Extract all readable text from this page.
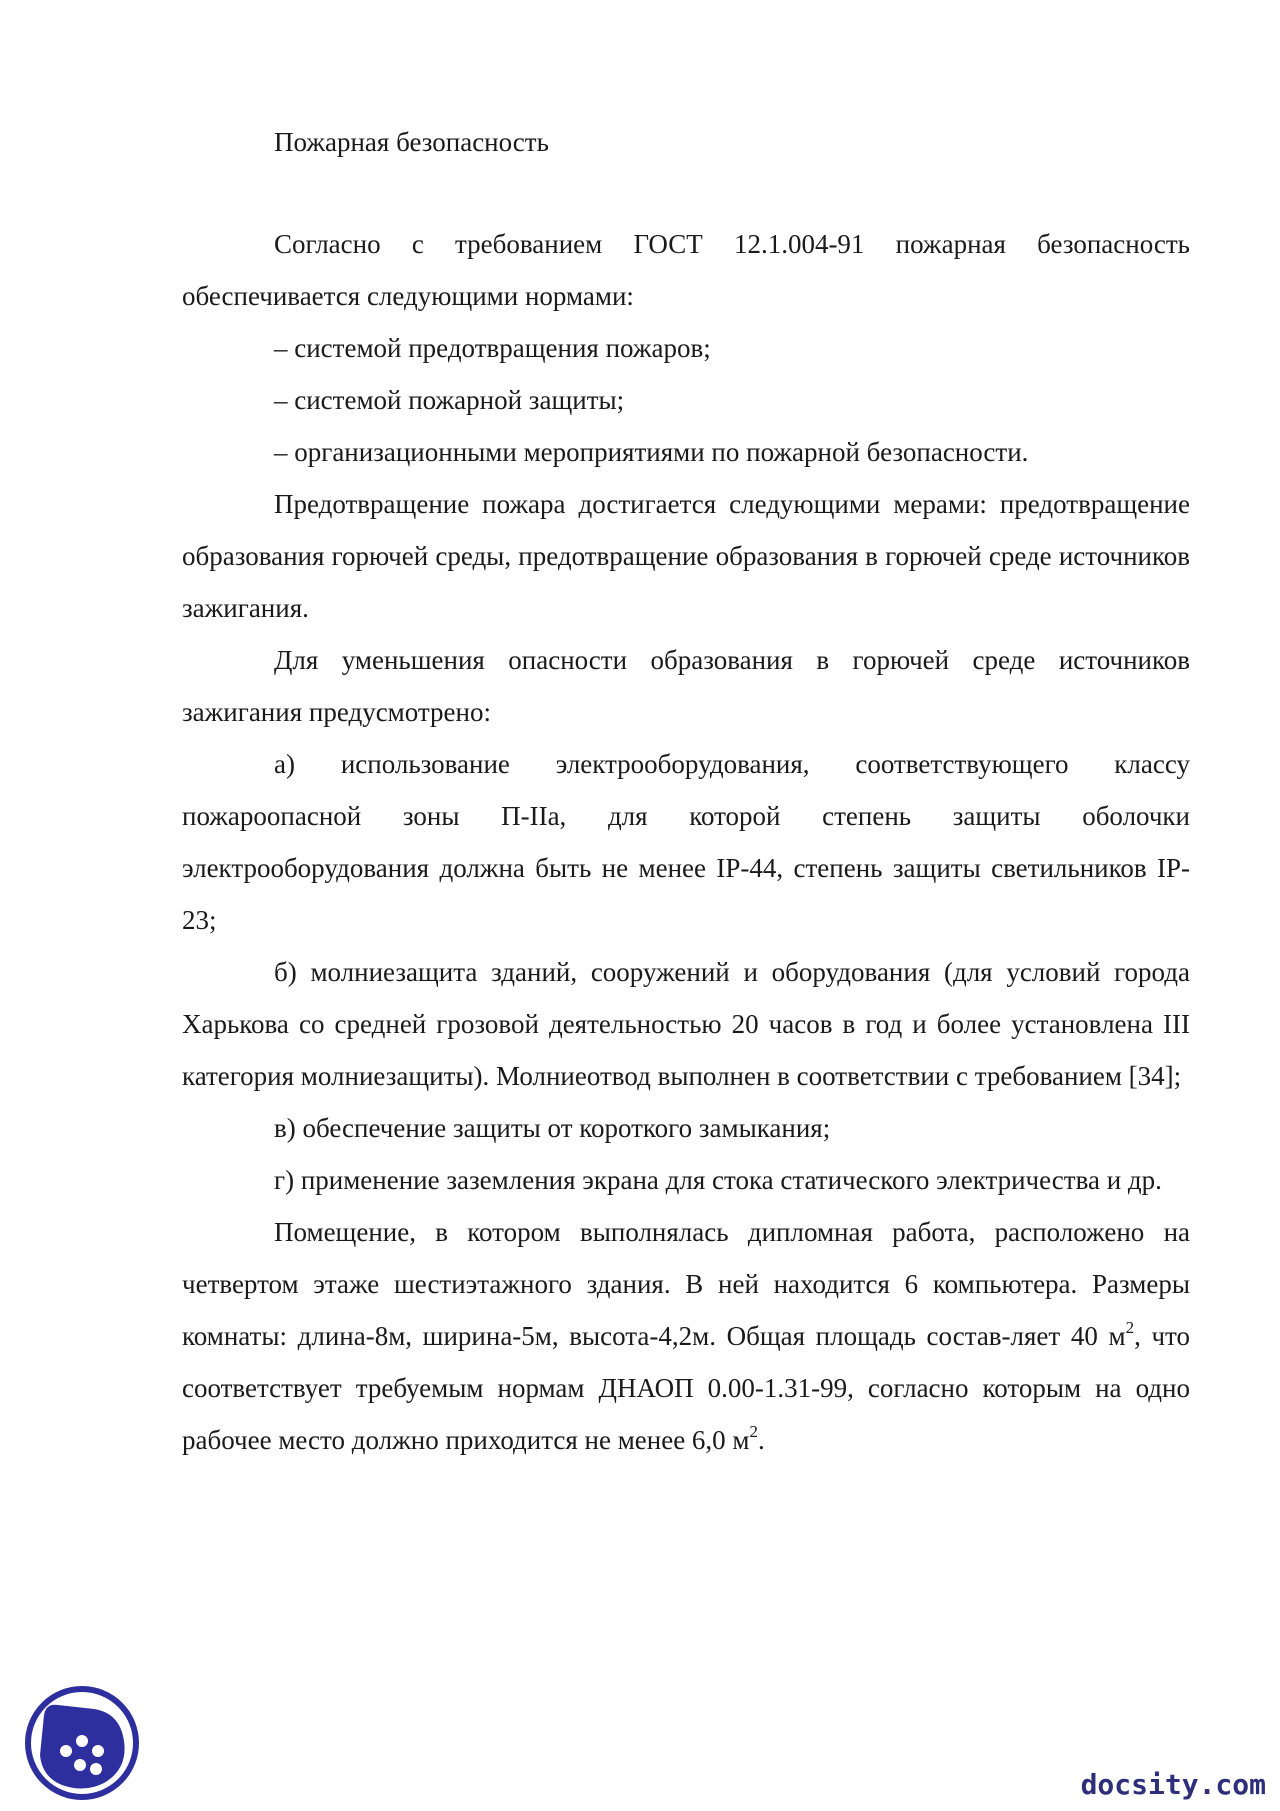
Пожарная безопасность

Согласно с требованием ГОСТ 12.1.004-91 пожарная безопасность обеспечивается следующими нормами:

– системой предотвращения пожаров;

– системой пожарной защиты;

– организационными мероприятиями по пожарной безопасности.

Предотвращение пожара достигается следующими мерами: предотвращение образования горючей среды, предотвращение образования в горючей среде источников зажигания.

Для уменьшения опасности образования в горючей среде источников зажигания предусмотрено:

а) использование электрооборудования, соответствующего классу пожароопасной зоны П-IIа, для которой степень защиты оболочки электрооборудования должна быть не менее IP-44, степень защиты светильников IP-23;

б) молниезащита зданий, сооружений и оборудования (для условий города Харькова со средней грозовой деятельностью 20 часов в год и более установлена III категория молниезащиты). Молниеотвод выполнен в соответствии с требованием [34];

в) обеспечение защиты от короткого замыкания;

г) применение заземления экрана для стока статического электричества и др.

Помещение, в котором выполнялась дипломная работа, расположено на четвертом этаже шестиэтажного здания. В ней находится 6 компьютера. Размеры комнаты: длина-8м, ширина-5м, высота-4,2м. Общая площадь состав-ляет 40 $м^2$, что соответствует требуемым нормам ДНАОП 0.00-1.31-99, согласно которым на одно рабочее место должно приходится не менее 6,0 $м^2$.

docsity.com
